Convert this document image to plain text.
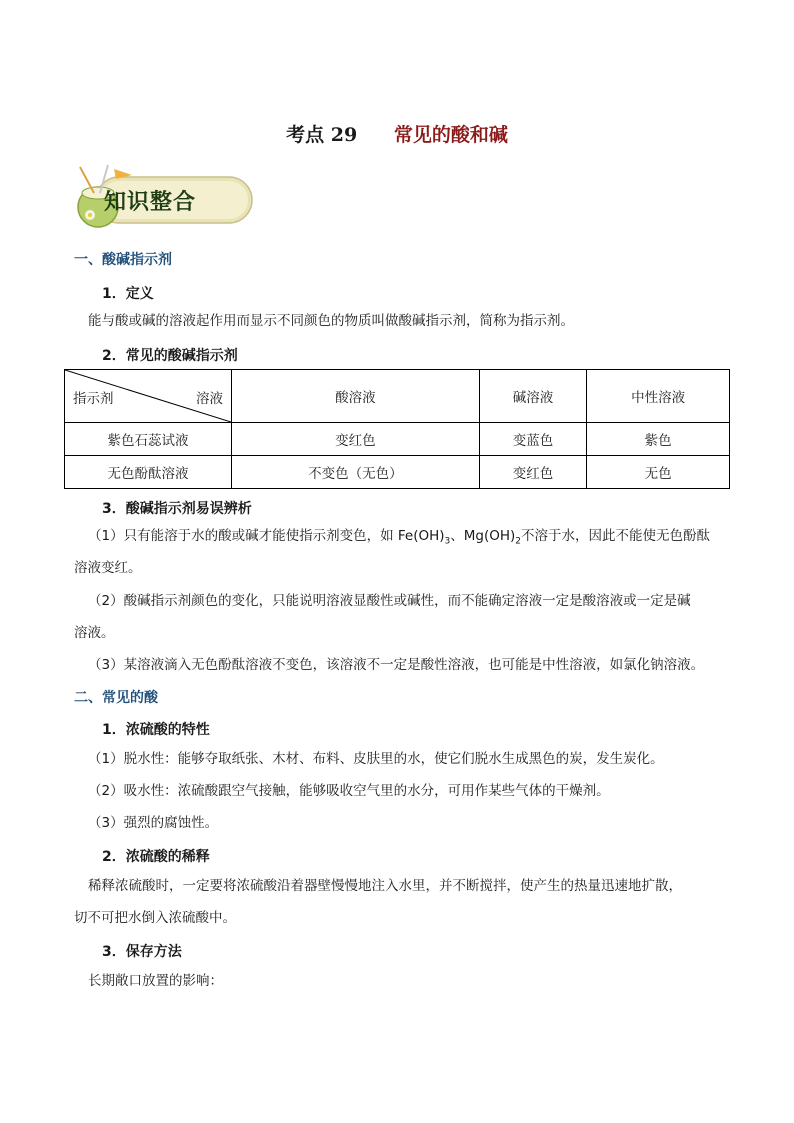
考点 29 常见的酸和碱
知识整合
一、酸碱指示剂
1．定义
能与酸或碱的溶液起作用而显示不同颜色的物质叫做酸碱指示剂，简称为指示剂。
2．常见的酸碱指示剂
指示剂 溶液	酸溶液	碱溶液	中性溶液
紫色石蕊试液	变红色	变蓝色	紫色
无色酚酞溶液	不变色（无色）	变红色	无色
3．酸碱指示剂易误辨析
（1）只有能溶于水的酸或碱才能使指示剂变色，如 $Fe(OH)_3$、$Mg(OH)_2$不溶于水，因此不能使无色酚酞
溶液变红。
（2）酸碱指示剂颜色的变化，只能说明溶液显酸性或碱性，而不能确定溶液一定是酸溶液或一定是碱
溶液。
（3）某溶液滴入无色酚酞溶液不变色，该溶液不一定是酸性溶液，也可能是中性溶液，如氯化钠溶液。
二、常见的酸
1．浓硫酸的特性
（1）脱水性：能够夺取纸张、木材、布料、皮肤里的水，使它们脱水生成黑色的炭，发生炭化。
（2）吸水性：浓硫酸跟空气接触，能够吸收空气里的水分，可用作某些气体的干燥剂。
（3）强烈的腐蚀性。
2．浓硫酸的稀释
稀释浓硫酸时，一定要将浓硫酸沿着器壁慢慢地注入水里，并不断搅拌，使产生的热量迅速地扩散，
切不可把水倒入浓硫酸中。
3．保存方法
长期敞口放置的影响：
